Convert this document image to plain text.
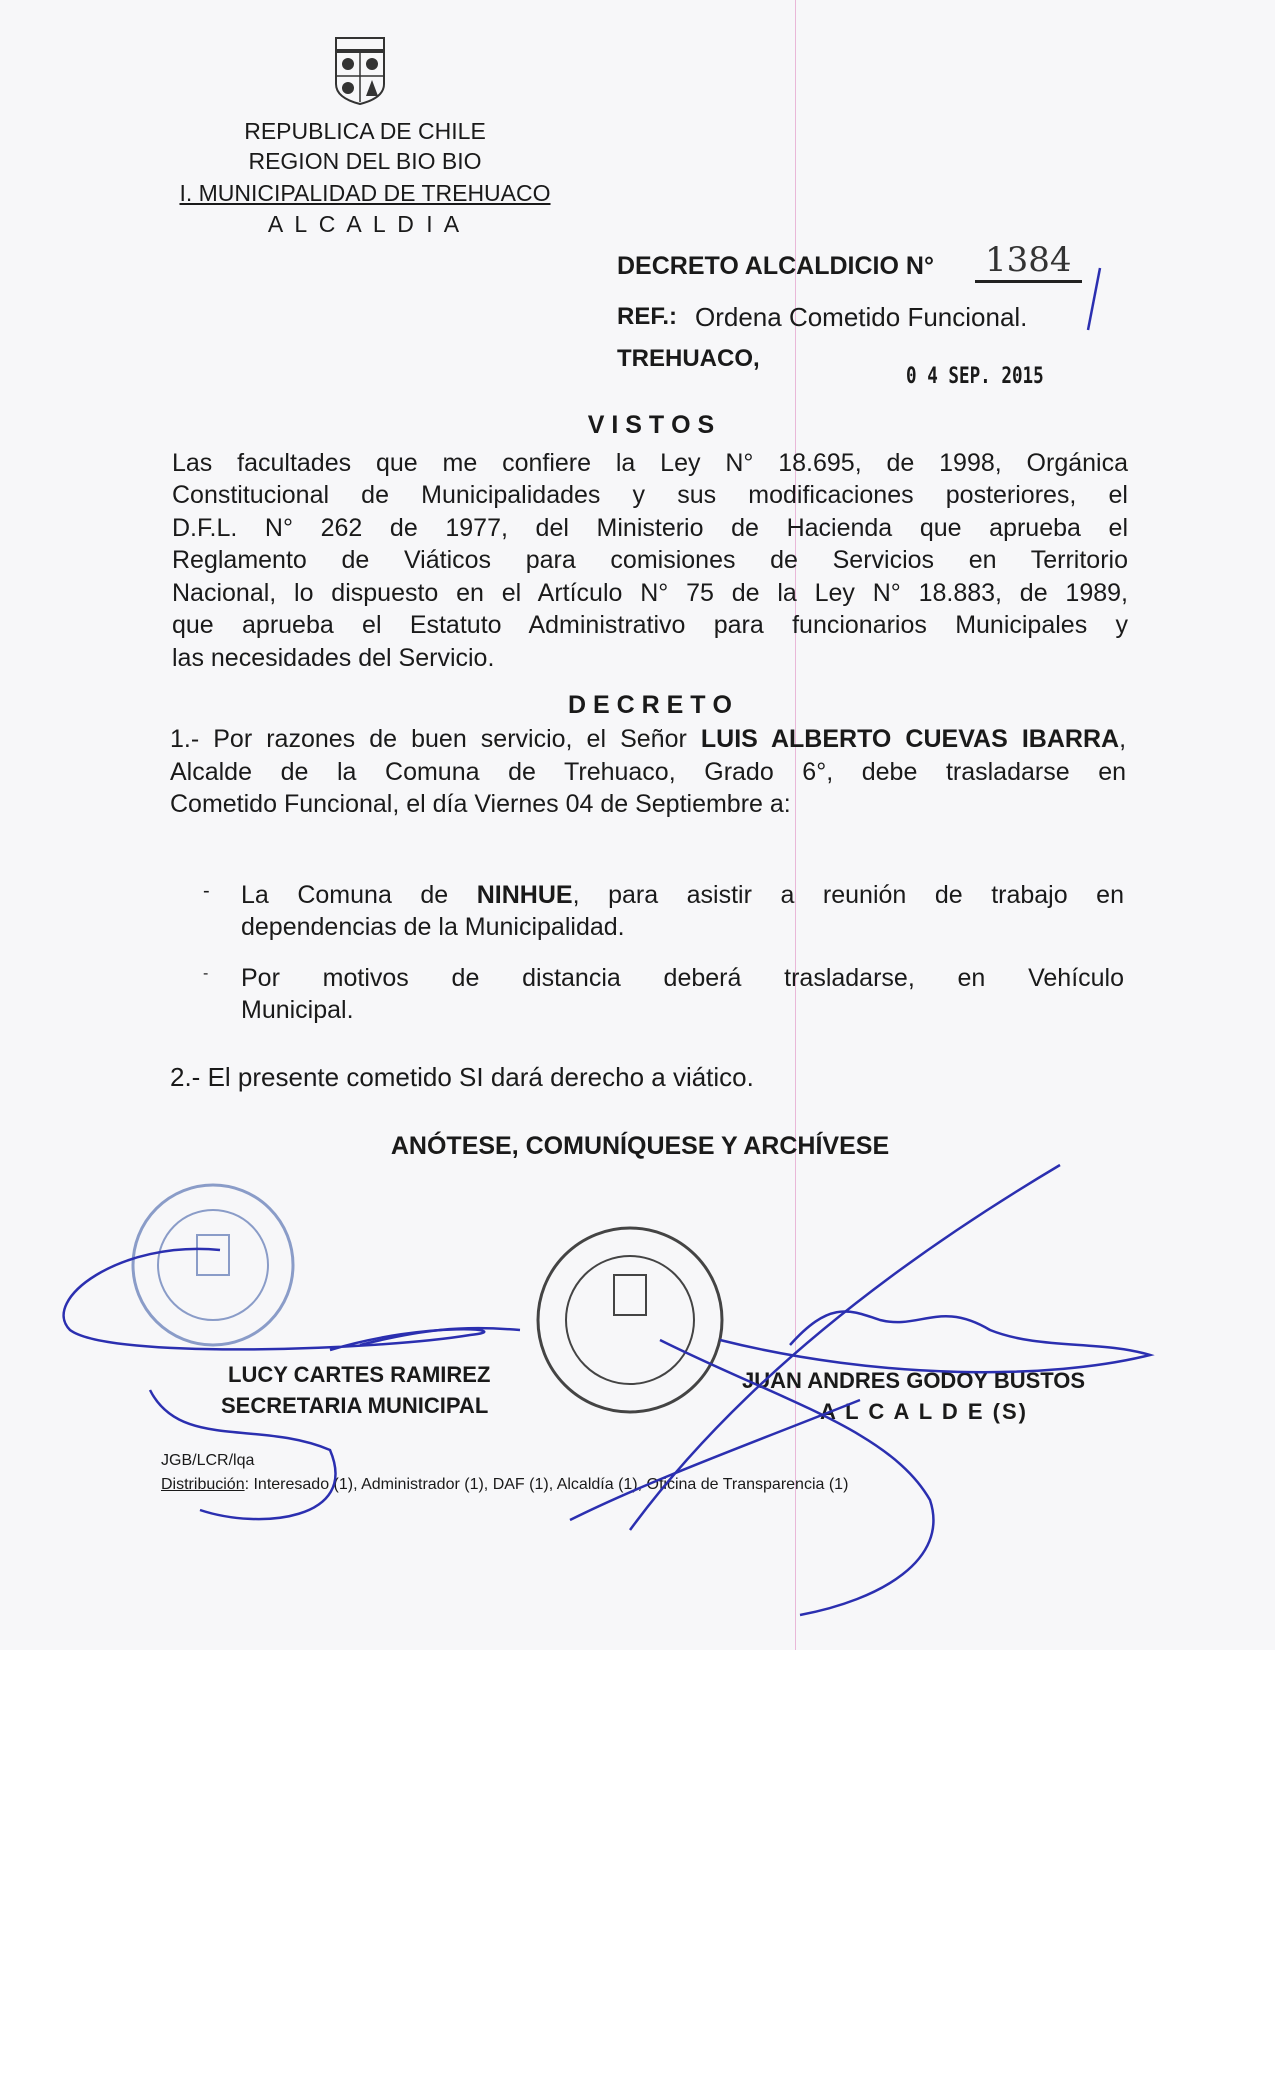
REPUBLICA DE CHILE
REGION DEL BIO BIO
I. MUNICIPALIDAD DE TREHUACO
A L C A L D I A
DECRETO ALCALDICIO N° 1384
REF.: Ordena Cometido Funcional.
TREHUACO,
0 4 SEP. 2015
V I S T O S
Las facultades que me confiere la Ley N° 18.695, de 1998, Orgánica
Constitucional de Municipalidades y sus modificaciones posteriores, el
D.F.L. N° 262 de 1977, del Ministerio de Hacienda que aprueba el
Reglamento de Viáticos para comisiones de Servicios en Territorio
Nacional, lo dispuesto en el Artículo N° 75 de la Ley N° 18.883, de 1989,
que aprueba el Estatuto Administrativo para funcionarios Municipales y
las necesidades del Servicio.
D E C R E T O
1.- Por razones de buen servicio, el Señor LUIS ALBERTO CUEVAS IBARRA,
Alcalde de la Comuna de Trehuaco, Grado 6°, debe trasladarse en
Cometido Funcional, el día Viernes 04 de Septiembre a:
- La Comuna de NINHUE, para asistir a reunión de trabajo en
dependencias de la Municipalidad.
- Por motivos de distancia deberá trasladarse, en Vehículo
Municipal.
2.- El presente cometido SI dará derecho a viático.
ANÓTESE, COMUNÍQUESE Y ARCHÍVESE
LUCY CARTES RAMIREZ
SECRETARIA MUNICIPAL
JUAN ANDRES GODOY BUSTOS
A L C A L D E (S)
JGB/LCR/lqa
Distribución: Interesado (1), Administrador (1), DAF (1), Alcaldía (1), Oficina de Transparencia (1)
